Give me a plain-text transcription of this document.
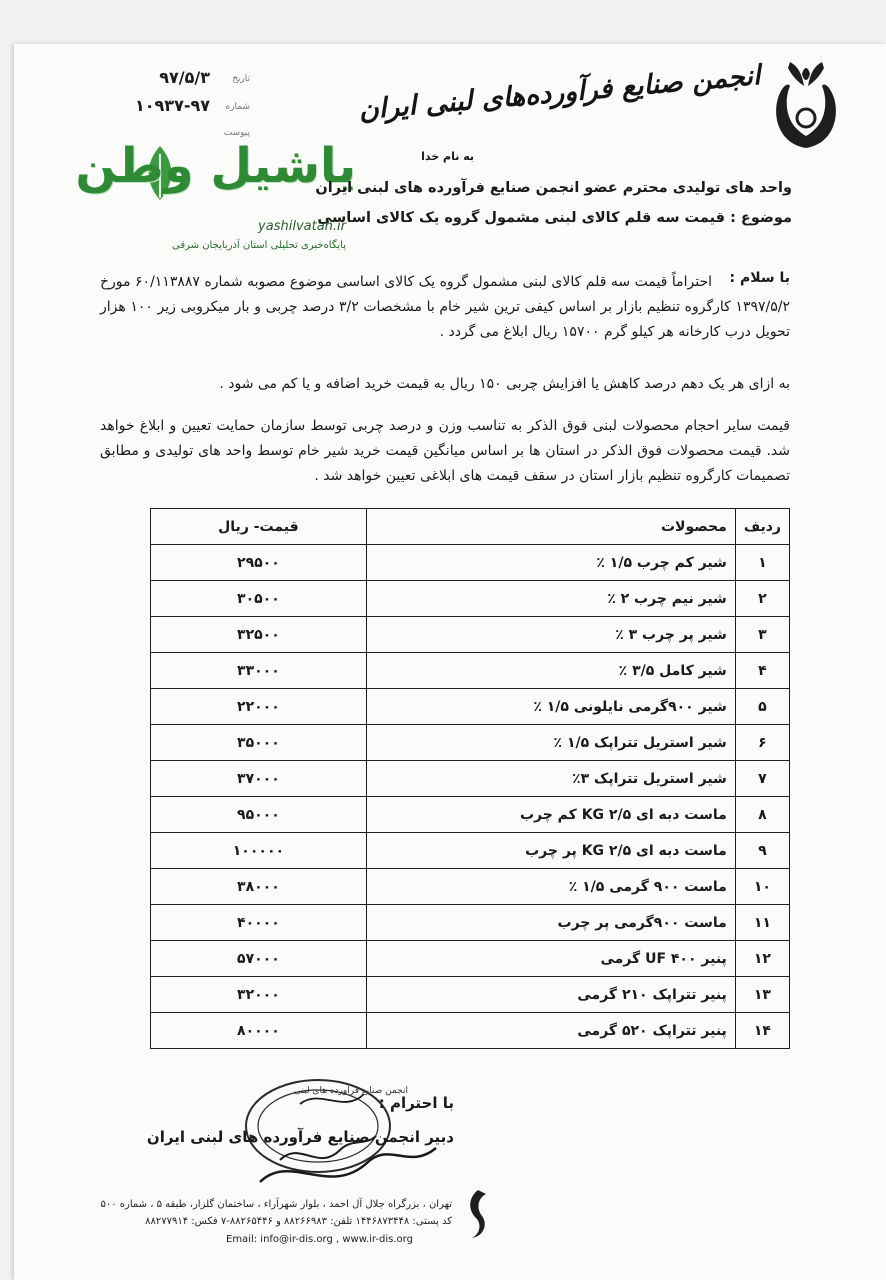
تاریخ
۹۷/۵/۳
شماره
۱۰۹۳۷-۹۷
پیوست
انجمن صنایع فرآورده‌های لبنی ایران
یاشیل وطن
yashilvatan.ir
پایگاه‌خبری تحلیلی استان آذربایجان شرقی
به نام خدا
واحد های تولیدی محترم عضو انجمن صنایع فرآورده های لبنی ایران
موضوع : قیمت سه قلم کالای لبنی مشمول گروه یک کالای اساسی
با سلام :
احتراماً قیمت سه قلم کالای لبنی مشمول گروه یک کالای اساسی موضوع مصوبه شماره ۶۰/۱۱۳۸۸۷ مورخ ۱۳۹۷/۵/۲ کارگروه تنظیم بازار بر اساس کیفی ترین شیر خام با مشخصات ۳/۲ درصد چربی و بار میکروبی زیر ۱۰۰ هزار تحویل درب کارخانه هر کیلو گرم ۱۵۷۰۰ ریال ابلاغ می گردد .
به ازای هر یک دهم درصد کاهش یا افزایش چربی ۱۵۰ ریال به قیمت خرید اضافه و یا کم می شود .
قیمت سایر احجام محصولات لبنی فوق الذکر به تناسب وزن و درصد چربی توسط سازمان حمایت تعیین و ابلاغ خواهد شد. قیمت محصولات فوق الذکر در استان ها بر اساس میانگین قیمت خرید شیر خام توسط واحد های تولیدی و مطابق تصمیمات کارگروه تنظیم بازار استان در سقف قیمت های ابلاغی تعیین خواهد شد .
ردیف	محصولات	قیمت- ریال
۱	شیر کم چرب ۱/۵ ٪	۲۹۵۰۰
۲	شیر نیم چرب ۲ ٪	۳۰۵۰۰
۳	شیر پر چرب ۳ ٪	۳۲۵۰۰
۴	شیر کامل ۳/۵ ٪	۳۳۰۰۰
۵	شیر ۹۰۰گرمی نایلونی ۱/۵ ٪	۲۲۰۰۰
۶	شیر استریل تتراپک ۱/۵ ٪	۳۵۰۰۰
۷	شیر استریل تتراپک ۳٪	۳۷۰۰۰
۸	ماست دبه ای ۲/۵ KG کم چرب	۹۵۰۰۰
۹	ماست دبه ای ۲/۵ KG پر چرب	۱۰۰۰۰۰
۱۰	ماست ۹۰۰ گرمی ۱/۵ ٪	۳۸۰۰۰
۱۱	ماست ۹۰۰گرمی پر چرب	۴۰۰۰۰
۱۲	پنیر UF ۴۰۰ گرمی	۵۷۰۰۰
۱۳	پنیر تتراپک ۲۱۰ گرمی	۳۲۰۰۰
۱۴	پنیر تتراپک ۵۲۰ گرمی	۸۰۰۰۰
انجمن صنایع فرآورده های لبنی
با احترام :
دبیر انجمن صنایع فرآورده های لبنی ایران
تهران ، بزرگراه جلال آل احمد ، بلوار شهرآراء ، ساختمان گلزار، طبقه ۵ ، شماره ۵۰۰
کد پستی: ۱۴۴۶۸۷۳۴۴۸ تلفن: ۸۸۲۶۶۹۸۳ و ۸۸۲۶۵۴۴۶-۷ فکس: ۸۸۲۷۷۹۱۴
Email: info@ir-dis.org , www.ir-dis.org
